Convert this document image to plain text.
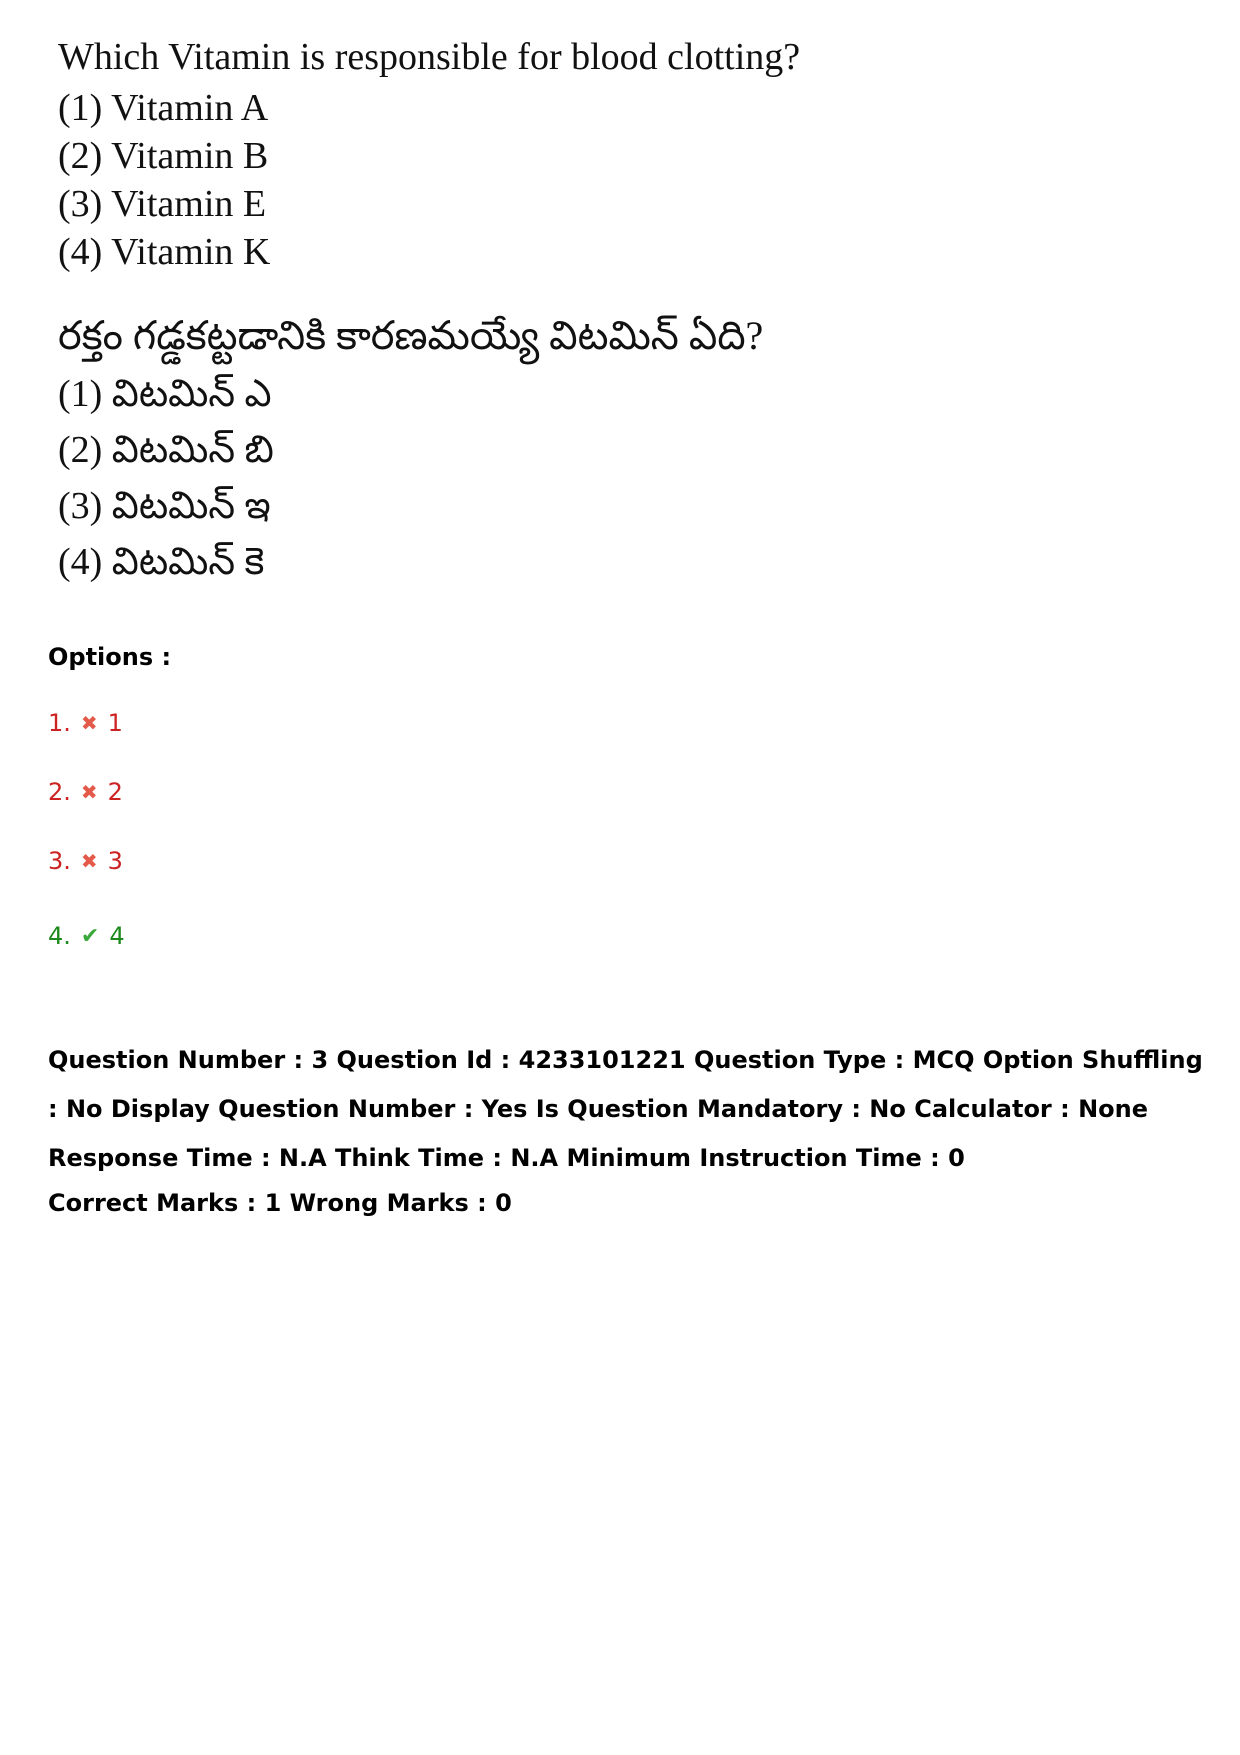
Which Vitamin is responsible for blood clotting?
(1) Vitamin A
(2) Vitamin B
(3) Vitamin E
(4) Vitamin K
రక్తం గడ్డకట్టడానికి కారణమయ్యే విటమిన్ ఏది?
(1) విటమిన్ ఎ
(2) విటమిన్ బి
(3) విటమిన్ ఇ
(4) విటమిన్ కె
Options :
1. ✖ 1
2. ✖ 2
3. ✖ 3
4. ✔ 4
Question Number : 3 Question Id : 4233101221 Question Type : MCQ Option Shuffling : No Display Question Number : Yes Is Question Mandatory : No Calculator : None Response Time : N.A Think Time : N.A Minimum Instruction Time : 0
Correct Marks : 1 Wrong Marks : 0
